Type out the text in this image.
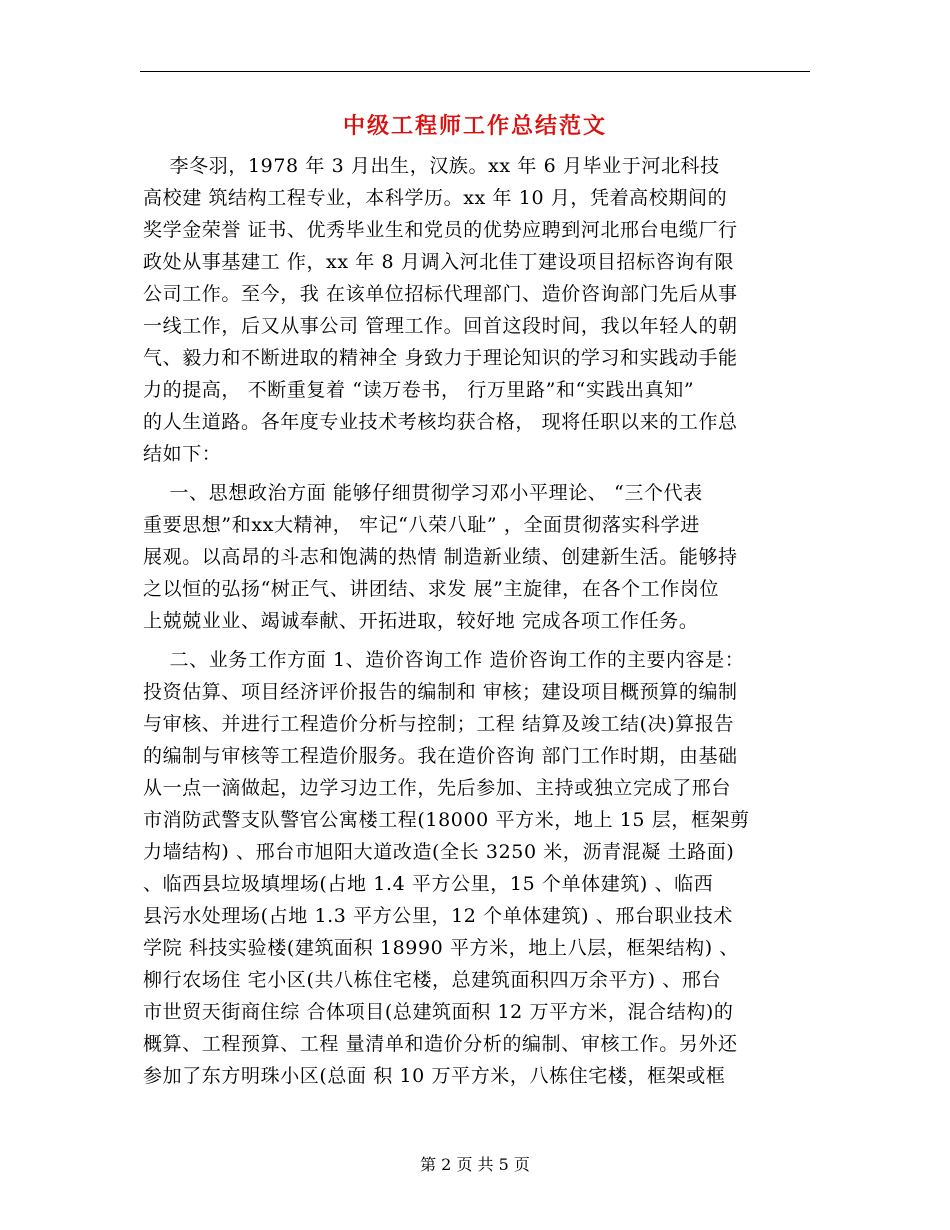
中级工程师工作总结范文
李冬羽，1978 年 3 月出生，汉族。xx 年 6 月毕业于河北科技
高校建 筑结构工程专业，本科学历。xx 年 10 月，凭着高校期间的
奖学金荣誉 证书、优秀毕业生和党员的优势应聘到河北邢台电缆厂行
政处从事基建工 作，xx 年 8 月调入河北佳丁建设项目招标咨询有限
公司工作。至今，我 在该单位招标代理部门、造价咨询部门先后从事
一线工作，后又从事公司 管理工作。回首这段时间，我以年轻人的朝
气、毅力和不断进取的精神全 身致力于理论知识的学习和实践动手能
力的提高， 不断重复着 “读万卷书， 行万里路”和“实践出真知”
的人生道路。各年度专业技术考核均获合格， 现将任职以来的工作总
结如下：
一、思想政治方面 能够仔细贯彻学习邓小平理论、 “三个代表
重要思想”和xx大精神， 牢记“八荣八耻” ，全面贯彻落实科学进
展观。以高昂的斗志和饱满的热情 制造新业绩、创建新生活。能够持
之以恒的弘扬“树正气、讲团结、求发 展”主旋律，在各个工作岗位
上兢兢业业、竭诚奉献、开拓进取，较好地 完成各项工作任务。
二、业务工作方面 1、造价咨询工作 造价咨询工作的主要内容是：
投资估算、项目经济评价报告的编制和 审核；建设项目概预算的编制
与审核、并进行工程造价分析与控制；工程 结算及竣工结(决)算报告
的编制与审核等工程造价服务。我在造价咨询 部门工作时期，由基础
从一点一滴做起，边学习边工作，先后参加、主持或独立完成了邢台
市消防武警支队警官公寓楼工程(18000 平方米，地上 15 层，框架剪
力墙结构) 、邢台市旭阳大道改造(全长 3250 米，沥青混凝 土路面)
、临西县垃圾填埋场(占地 1.4 平方公里，15 个单体建筑) 、临西
县污水处理场(占地 1.3 平方公里，12 个单体建筑) 、邢台职业技术
学院 科技实验楼(建筑面积 18990 平方米，地上八层，框架结构) 、
柳行农场住 宅小区(共八栋住宅楼，总建筑面积四万余平方) 、邢台
市世贸天街商住综 合体项目(总建筑面积 12 万平方米，混合结构)的
概算、工程预算、工程 量清单和造价分析的编制、审核工作。另外还
参加了东方明珠小区(总面 积 10 万平方米，八栋住宅楼，框架或框
第 2 页 共 5 页
